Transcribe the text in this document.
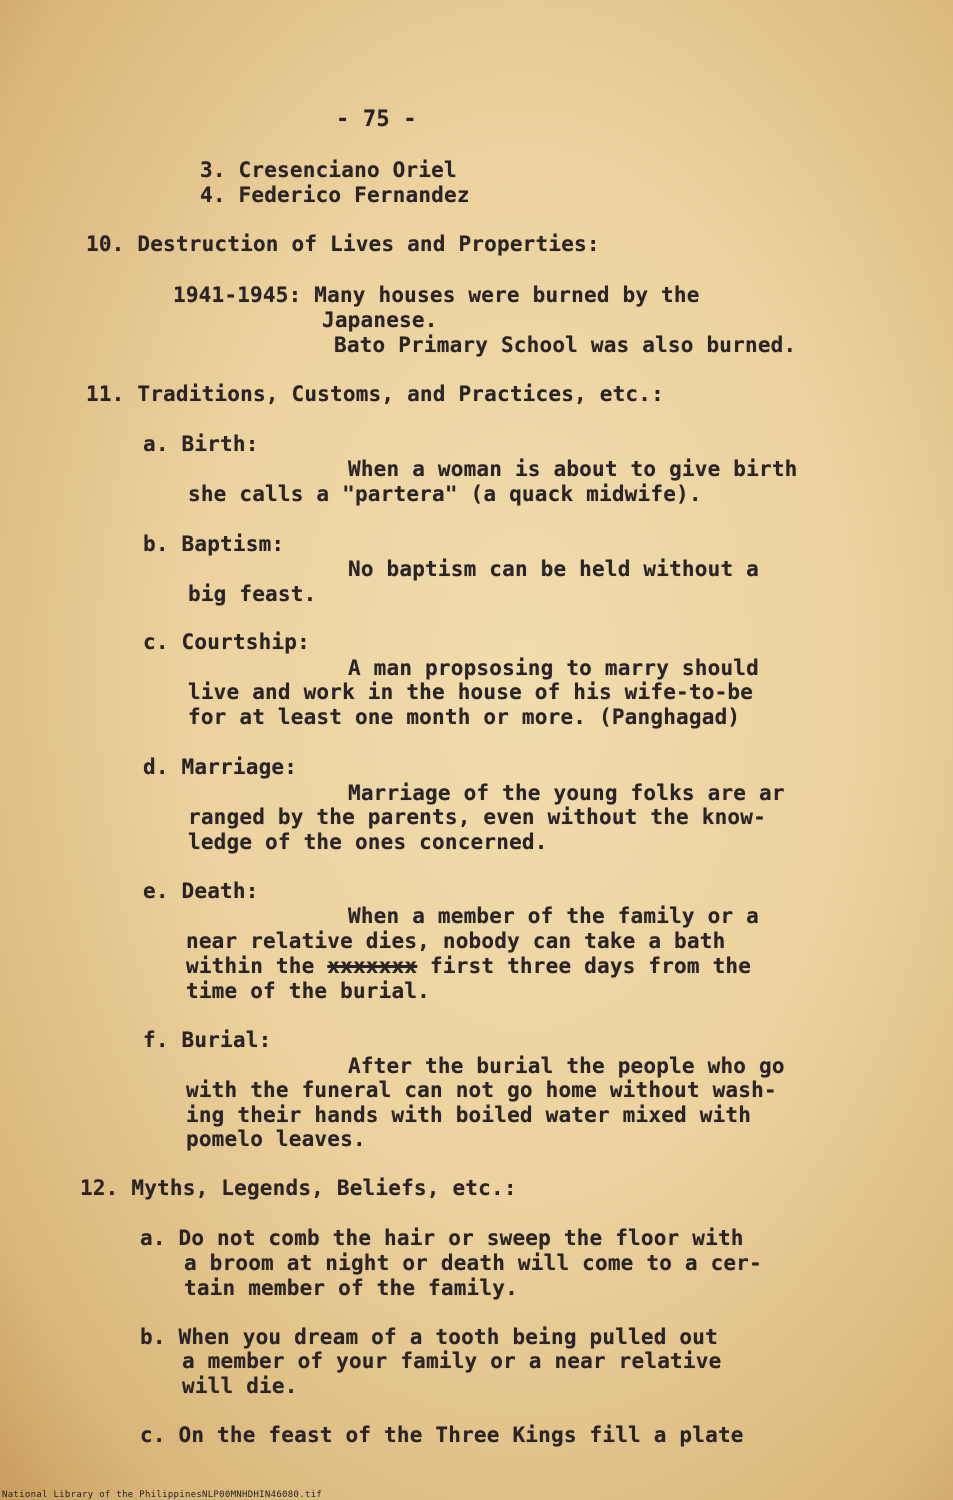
- 75 -
3. Cresenciano Oriel
4. Federico Fernandez
10. Destruction of Lives and Properties:
1941-1945: Many houses were burned by the
Japanese.
Bato Primary School was also burned.
11. Traditions, Customs, and Practices, etc.:
a. Birth:
When a woman is about to give birth
she calls a "partera" (a quack midwife).
b. Baptism:
No baptism can be held without a
big feast.
c. Courtship:
A man propsosing to marry should
live and work in the house of his wife-to-be
for at least one month or more. (Panghagad)
d. Marriage:
Marriage of the young folks are ar
ranged by the parents, even without the know-
ledge of the ones concerned.
e. Death:
When a member of the family or a
near relative dies, nobody can take a bath
within the xxxxxxx first three days from the
time of the burial.
f. Burial:
After the burial the people who go
with the funeral can not go home without wash-
ing their hands with boiled water mixed with
pomelo leaves.
12. Myths, Legends, Beliefs, etc.:
a. Do not comb the hair or sweep the floor with
a broom at night or death will come to a cer-
tain member of the family.
b. When you dream of a tooth being pulled out
a member of your family or a near relative
will die.
c. On the feast of the Three Kings fill a plate
National Library of the Philippines NLP00MNHDHIN46080.tif
